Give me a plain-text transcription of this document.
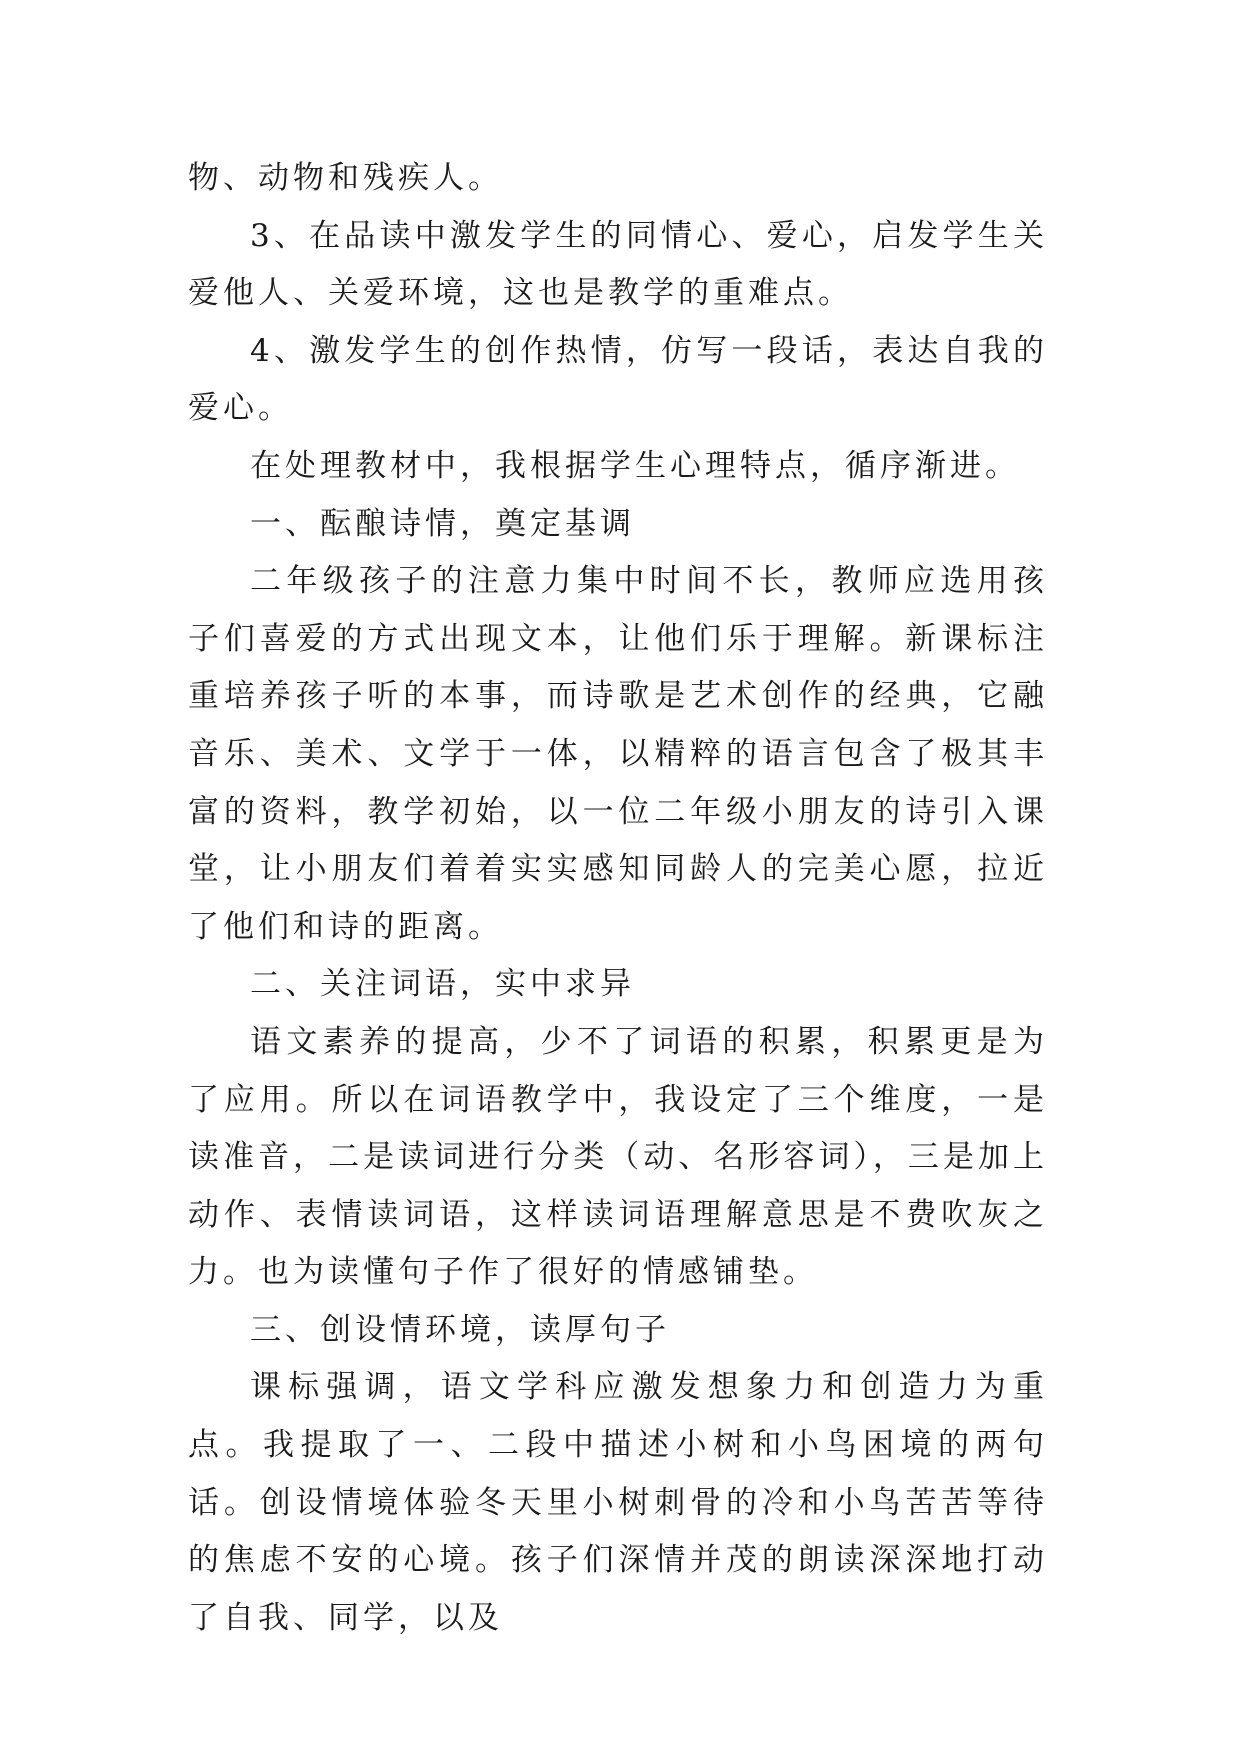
物、动物和残疾人。

3、在品读中激发学生的同情心、爱心，启发学生关爱他人、关爱环境，这也是教学的重难点。

4、激发学生的创作热情，仿写一段话，表达自我的爱心。

在处理教材中，我根据学生心理特点，循序渐进。

一、酝酿诗情，奠定基调

二年级孩子的注意力集中时间不长，教师应选用孩子们喜爱的方式出现文本，让他们乐于理解。新课标注重培养孩子听的本事，而诗歌是艺术创作的经典，它融音乐、美术、文学于一体，以精粹的语言包含了极其丰富的资料，教学初始，以一位二年级小朋友的诗引入课堂，让小朋友们着着实实感知同龄人的完美心愿，拉近了他们和诗的距离。

二、关注词语，实中求异

语文素养的提高，少不了词语的积累，积累更是为了应用。所以在词语教学中，我设定了三个维度，一是读准音，二是读词进行分类（动、名形容词），三是加上动作、表情读词语，这样读词语理解意思是不费吹灰之力。也为读懂句子作了很好的情感铺垫。

三、创设情环境，读厚句子

课标强调，语文学科应激发想象力和创造力为重点。我提取了一、二段中描述小树和小鸟困境的两句话。创设情境体验冬天里小树刺骨的冷和小鸟苦苦等待的焦虑不安的心境。孩子们深情并茂的朗读深深地打动了自我、同学，以及
